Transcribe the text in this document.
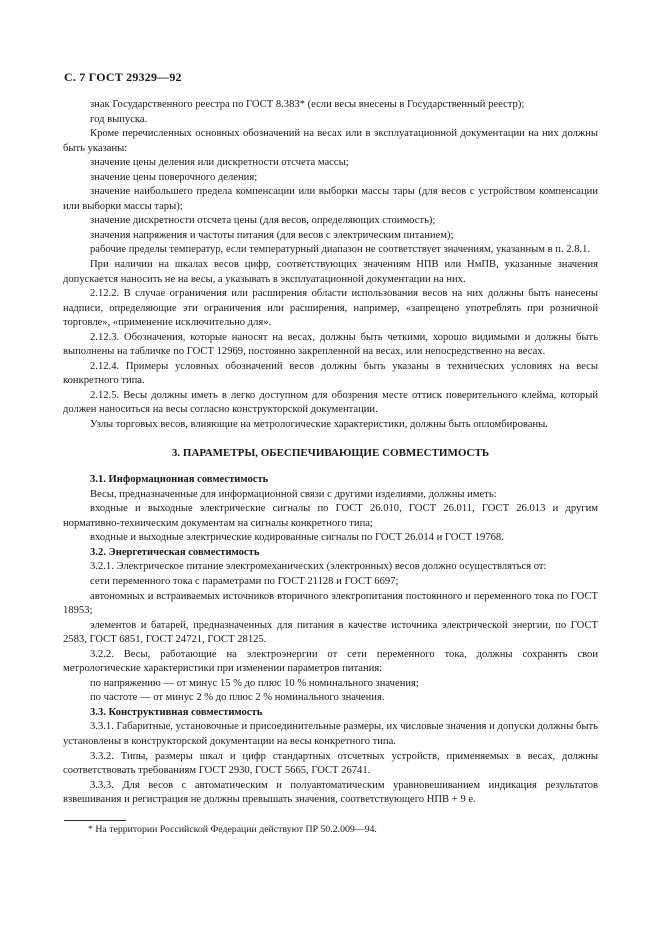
С. 7 ГОСТ 29329—92

знак Государственного реестра по ГОСТ 8.383* (если весы внесены в Государственный реестр);

год выпуска.

Кроме перечисленных основных обозначений на весах или в эксплуатационной документации на них должны быть указаны:

значение цены деления или дискретности отсчета массы;

значение цены поверочного деления;

значение наибольшего предела компенсации или выборки массы тары (для весов с устройством компенсации или выборки массы тары);

значение дискретности отсчета цены (для весов, определяющих стоимость);

значения напряжения и частоты питания (для весов с электрическим питанием);

рабочие пределы температур, если температурный диапазон не соответствует значениям, указанным в п. 2.8.1.

При наличии на шкалах весов цифр, соответствующих значениям НПВ или НмПВ, указанные значения допускается наносить не на весы, а указывать в эксплуатационной документации на них.

2.12.2. В случае ограничения или расширения области использования весов на них должны быть нанесены надписи, определяющие эти ограничения или расширения, например, «запрещено употреблять при розничной торговле», «применение исключительно для».

2.12.3. Обозначения, которые наносят на весах, должны быть четкими, хорошо видимыми и должны быть выполнены на табличке по ГОСТ 12969, постоянно закрепленной на весах, или непосредственно на весах.

2.12.4. Примеры условных обозначений весов должны быть указаны в технических условиях на весы конкретного типа.

2.12.5. Весы должны иметь в легко доступном для обозрения месте оттиск поверительного клейма, который должен наноситься на весы согласно конструкторской документации.

Узлы торговых весов, влияющие на метрологические характеристики, должны быть опломбированы.

3. ПАРАМЕТРЫ, ОБЕСПЕЧИВАЮЩИЕ СОВМЕСТИМОСТЬ

3.1. Информационная совместимость

Весы, предназначенные для информационной связи с другими изделиями, должны иметь:

входные и выходные электрические сигналы по ГОСТ 26.010, ГОСТ 26.011, ГОСТ 26.013 и другим нормативно-техническим документам на сигналы конкретного типа;

входные и выходные электрические кодированные сигналы по ГОСТ 26.014 и ГОСТ 19768.

3.2. Энергетическая совместимость

3.2.1. Электрическое питание электромеханических (электронных) весов должно осуществляться от:

сети переменного тока с параметрами по ГОСТ 21128 и ГОСТ 6697;

автономных и встраиваемых источников вторичного электропитания постоянного и переменного тока по ГОСТ 18953;

элементов и батарей, предназначенных для питания в качестве источника электрической энергии, по ГОСТ 2583, ГОСТ 6851, ГОСТ 24721, ГОСТ 28125.

3.2.2. Весы, работающие на электроэнергии от сети переменного тока, должны сохранять свои метрологические характеристики при изменении параметров питания:

по напряжению — от минус 15 % до плюс 10 % номинального значения;

по частоте — от минус 2 % до плюс 2 % номинального значения.

3.3. Конструктивная совместимость

3.3.1. Габаритные, установочные и присоединительные размеры, их числовые значения и допуски должны быть установлены в конструкторской документации на весы конкретного типа.

3.3.2. Типы, размеры шкал и цифр стандартных отсчетных устройств, применяемых в весах, должны соответствовать требованиям ГОСТ 2930, ГОСТ 5665, ГОСТ 26741.

3.3.3. Для весов с автоматическим и полуавтоматическим уравновешиванием индикация результатов взвешивания и регистрация не должны превышать значения, соответствующего НПВ + 9 e.

* На территории Российской Федерации действуют ПР 50.2.009—94.
